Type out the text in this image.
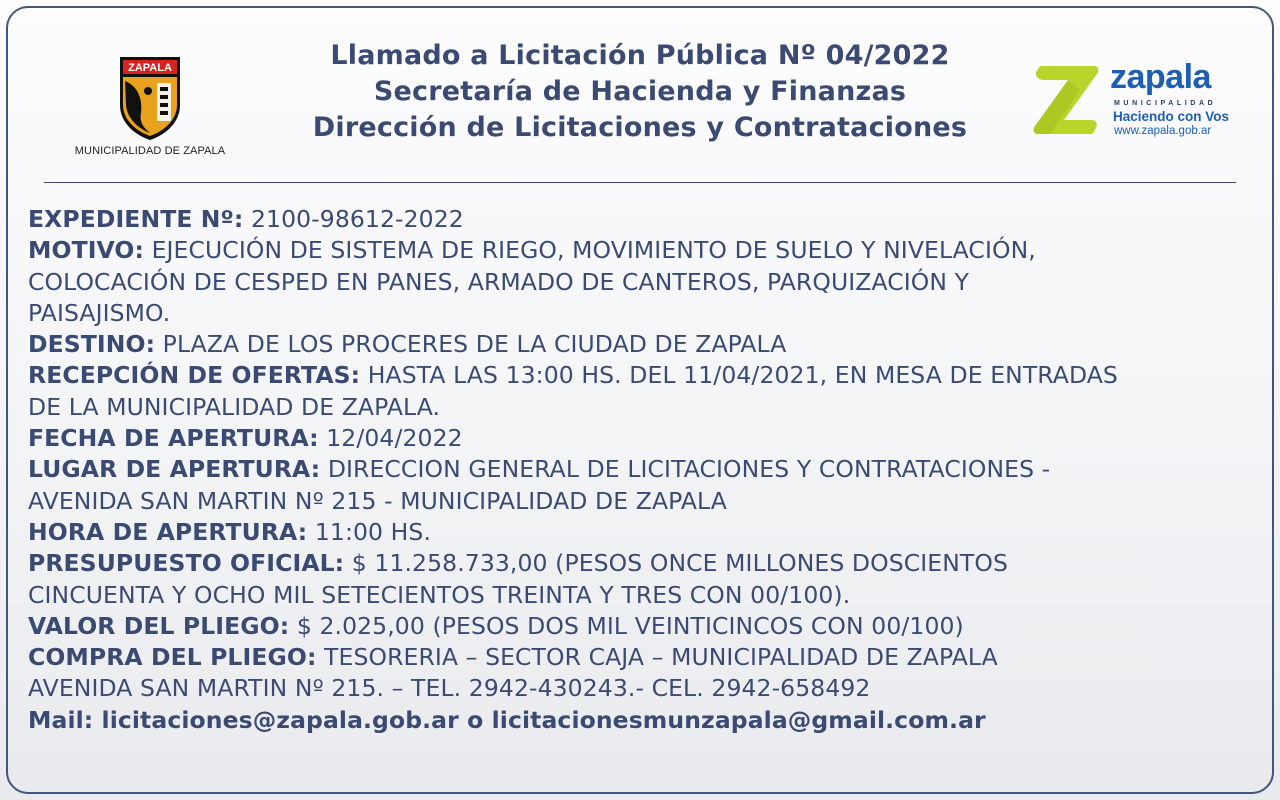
ZAPALA
MUNICIPALIDAD DE ZAPALA
Llamado a Licitación Pública Nº 04/2022
Secretaría de Hacienda y Finanzas
Dirección de Licitaciones y Contrataciones
zapala
MUNICIPALIDAD
Haciendo con Vos
www.zapala.gob.ar
EXPEDIENTE Nº: 2100-98612-2022
MOTIVO: EJECUCIÓN DE SISTEMA DE RIEGO, MOVIMIENTO DE SUELO Y NIVELACIÓN,
COLOCACIÓN DE CESPED EN PANES, ARMADO DE CANTEROS, PARQUIZACIÓN Y
PAISAJISMO.
DESTINO: PLAZA DE LOS PROCERES DE LA CIUDAD DE ZAPALA
RECEPCIÓN DE OFERTAS: HASTA LAS 13:00 HS. DEL 11/04/2021, EN MESA DE ENTRADAS
DE LA MUNICIPALIDAD DE ZAPALA.
FECHA DE APERTURA: 12/04/2022
LUGAR DE APERTURA: DIRECCION GENERAL DE LICITACIONES Y CONTRATACIONES -
AVENIDA SAN MARTIN Nº 215 - MUNICIPALIDAD DE ZAPALA
HORA DE APERTURA: 11:00 HS.
PRESUPUESTO OFICIAL: $ 11.258.733,00 (PESOS ONCE MILLONES DOSCIENTOS
CINCUENTA Y OCHO MIL SETECIENTOS TREINTA Y TRES CON 00/100).
VALOR DEL PLIEGO: $ 2.025,00 (PESOS DOS MIL VEINTICINCOS CON 00/100)
COMPRA DEL PLIEGO: TESORERIA – SECTOR CAJA – MUNICIPALIDAD DE ZAPALA
AVENIDA SAN MARTIN Nº 215. – TEL. 2942-430243.- CEL. 2942-658492
Mail: licitaciones@zapala.gob.ar o licitacionesmunzapala@gmail.com.ar
